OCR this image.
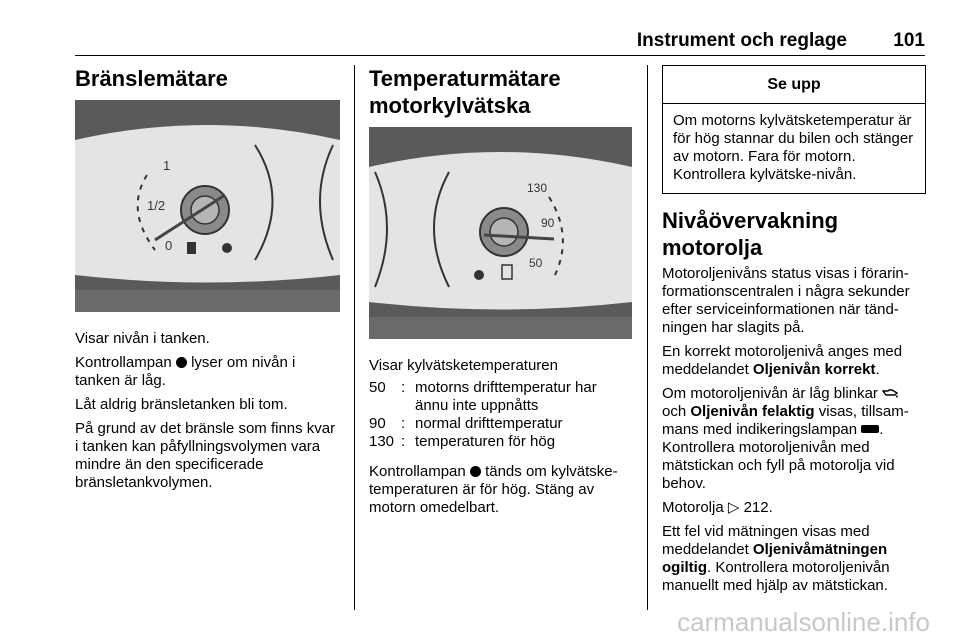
Instrument och reglage 101
Bränslemätare
1
1/2
0

Visar nivån i tanken.

Kontrollampan lyser om nivån i tanken är låg.

Låt aldrig bränsletanken bli tom.

På grund av det bränsle som finns kvar i tanken kan påfyllningsvolymen vara mindre än den specificerade bränsletankvolymen.

Temperaturmätare
motorkylvätska
130
90
50

Visar kylvätsketemperaturen

50	:	motorns drifttemperatur har ännu inte uppnåtts
90	:	normal drifttemperatur
130	:	temperaturen för hög

Kontrollampan tänds om kylvätske-temperaturen är för hög. Stäng av motorn omedelbart.

Se upp
Om motorns kylvätsketemperatur är för hög stannar du bilen och stänger av motorn. Fara för motorn. Kontrollera kylvätske-nivån.
Nivåövervakning motorolja

Motoroljenivåns status visas i förarin-formationscentralen i några sekunder efter serviceinformationen när tänd-ningen har slagits på.

En korrekt motoroljenivå anges med meddelandet Oljenivån korrekt.

Om motoroljenivån är låg blinkar  och Oljenivån felaktig visas, tillsam-mans med indikeringslampan . Kontrollera motoroljenivån med mätstickan och fyll på motorolja vid behov.

Motorolja ▷ 212.

Ett fel vid mätningen visas med meddelandet Oljenivåmätningen ogiltig. Kontrollera motoroljenivån manuellt med hjälp av mätstickan.

carmanualsonline.info
